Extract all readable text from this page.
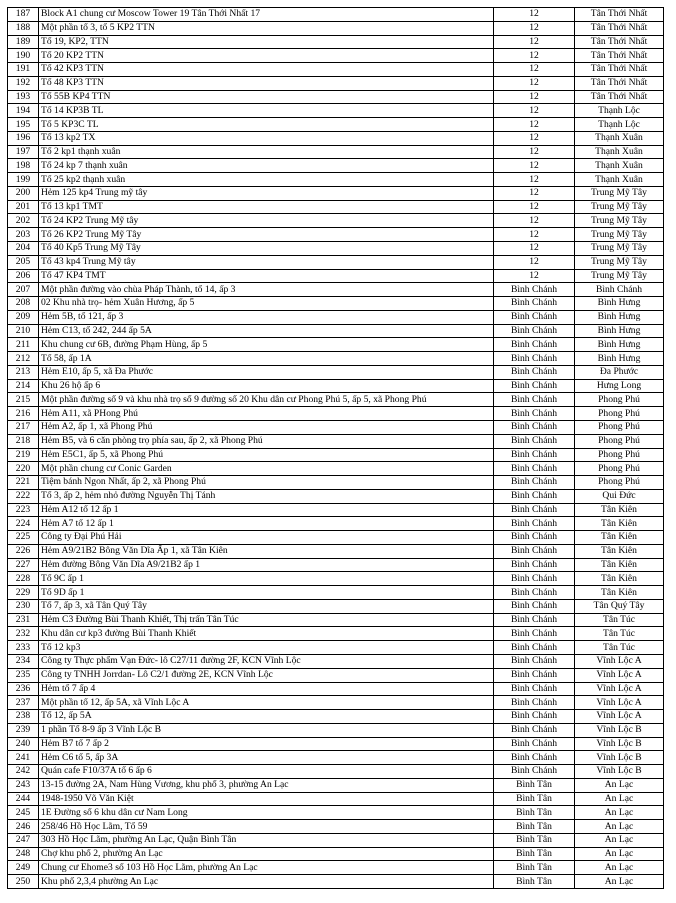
187	Block A1 chung cư Moscow Tower 19 Tân Thới Nhất 17	12	Tân Thới Nhất
188	Một phần tổ 3, tổ 5 KP2 TTN	12	Tân Thới Nhất
189	Tổ 19, KP2, TTN	12	Tân Thới Nhất
190	Tổ 20 KP2 TTN	12	Tân Thới Nhất
191	Tổ 42 KP3 TTN	12	Tân Thới Nhất
192	Tổ 48 KP3 TTN	12	Tân Thới Nhất
193	Tổ 55B KP4 TTN	12	Tân Thới Nhất
194	Tổ 14 KP3B TL	12	Thạnh Lộc
195	Tổ 5 KP3C TL	12	Thạnh Lộc
196	Tổ 13 kp2 TX	12	Thạnh Xuân
197	Tổ 2 kp1 thạnh xuân	12	Thạnh Xuân
198	Tổ 24 kp 7 thạnh xuân	12	Thạnh Xuân
199	Tổ 25 kp2 thạnh xuân	12	Thạnh Xuân
200	Hẻm 125 kp4 Trung mỹ tây	12	Trung Mỹ Tây
201	Tổ 13 kp1 TMT	12	Trung Mỹ Tây
202	Tổ 24 KP2 Trung Mỹ tây	12	Trung Mỹ Tây
203	Tổ 26 KP2 Trung Mỹ Tây	12	Trung Mỹ Tây
204	Tổ 40 Kp5 Trung Mỹ Tây	12	Trung Mỹ Tây
205	Tổ 43 kp4 Trung Mỹ tây	12	Trung Mỹ Tây
206	Tổ 47 KP4 TMT	12	Trung Mỹ Tây
207	Một phần đường vào chùa Pháp Thành, tổ 14, ấp 3	Bình Chánh	Bình Chánh
208	02 Khu nhà trọ- hẻm Xuân Hương, ấp 5	Bình Chánh	Bình Hưng
209	Hẻm 5B, tổ 121, ấp 3	Bình Chánh	Bình Hưng
210	Hẻm C13, tổ 242, 244 ấp 5A	Bình Chánh	Bình Hưng
211	Khu chung cư 6B, đường Phạm Hùng, ấp 5	Bình Chánh	Bình Hưng
212	Tổ 58, ấp 1A	Bình Chánh	Bình Hưng
213	Hẻm E10, ấp 5, xã Đa Phước	Bình Chánh	Đa Phước
214	Khu 26 hộ ấp 6	Bình Chánh	Hưng Long
215	Một phần đường số 9 và khu nhà trọ số 9 đường số 20 Khu dân cư Phong Phú 5, ấp 5, xã Phong Phú	Bình Chánh	Phong Phú
216	Hẻm A11, xã PHong Phú	Bình Chánh	Phong Phú
217	Hẻm A2, ấp 1, xã Phong Phú	Bình Chánh	Phong Phú
218	Hẻm B5, và 6 căn phòng trọ phía sau, ấp 2, xã Phong Phú	Bình Chánh	Phong Phú
219	Hẻm E5C1, ấp 5, xã Phong Phú	Bình Chánh	Phong Phú
220	Một phần chung cư Conic Garden	Bình Chánh	Phong Phú
221	Tiệm bánh Ngon Nhất, ấp 2, xã Phong Phú	Bình Chánh	Phong Phú
222	Tổ 3, ấp 2, hẻm nhỏ đường Nguyễn Thị Tánh	Bình Chánh	Qui Đức
223	Hẻm A12 tổ 12 ấp 1	Bình Chánh	Tân Kiên
224	Hẻm A7 tổ 12 ấp 1	Bình Chánh	Tân Kiên
225	Công ty Đại Phú Hải	Bình Chánh	Tân Kiên
226	Hẻm A9/21B2 Bông Văn Dĩa Ấp 1, xã Tân Kiên	Bình Chánh	Tân Kiên
227	Hẻm đường Bông Văn Dĩa A9/21B2 ấp 1	Bình Chánh	Tân Kiên
228	Tổ 9C ấp 1	Bình Chánh	Tân Kiên
229	Tổ 9D ấp 1	Bình Chánh	Tân Kiên
230	Tổ 7, ấp 3, xã Tân Quý Tây	Bình Chánh	Tân Quý Tây
231	Hẻm C3 Đường Bùi Thanh Khiết, Thị trấn Tân Túc	Bình Chánh	Tân Túc
232	Khu dân cư kp3 đường Bùi Thanh Khiết	Bình Chánh	Tân Túc
233	Tổ 12 kp3	Bình Chánh	Tân Túc
234	Công ty Thực phẩm Vạn Đức- lô C27/11 đường 2F, KCN Vĩnh Lộc	Bình Chánh	Vĩnh Lộc A
235	Công ty TNHH Jorrdan- Lô C2/1 đường 2E, KCN Vĩnh Lộc	Bình Chánh	Vĩnh Lộc A
236	Hẻm tổ 7 ấp 4	Bình Chánh	Vĩnh Lộc A
237	Một phần tổ 12, ấp 5A, xã Vĩnh Lộc A	Bình Chánh	Vĩnh Lộc A
238	Tổ 12, ấp 5A	Bình Chánh	Vĩnh Lộc A
239	1 phần Tổ 8-9 ấp 3 Vĩnh Lộc B	Bình Chánh	Vĩnh Lộc B
240	Hẻm B7 tổ 7 ấp 2	Bình Chánh	Vĩnh Lộc B
241	Hẻm C6 tổ 5, ấp 3A	Bình Chánh	Vĩnh Lộc B
242	Quán cafe F10/37A tổ 6 ấp 6	Bình Chánh	Vĩnh Lộc B
243	13-15 đường 2A, Nam Hùng Vương, khu phố 3, phường An Lạc	Bình Tân	An Lạc
244	1948-1950 Võ Văn Kiệt	Bình Tân	An Lạc
245	1E Đường số 6 khu dân cư Nam Long	Bình Tân	An Lạc
246	258/46 Hồ Học Lãm, Tổ 59	Bình Tân	An Lạc
247	303 Hồ Học Lãm, phường An Lạc, Quận Bình Tân	Bình Tân	An Lạc
248	Chợ khu phố 2, phường An Lạc	Bình Tân	An Lạc
249	Chung cư Ehome3 số 103 Hồ Học Lãm, phường An Lạc	Bình Tân	An Lạc
250	Khu phố 2,3,4 phường An Lạc	Bình Tân	An Lạc
